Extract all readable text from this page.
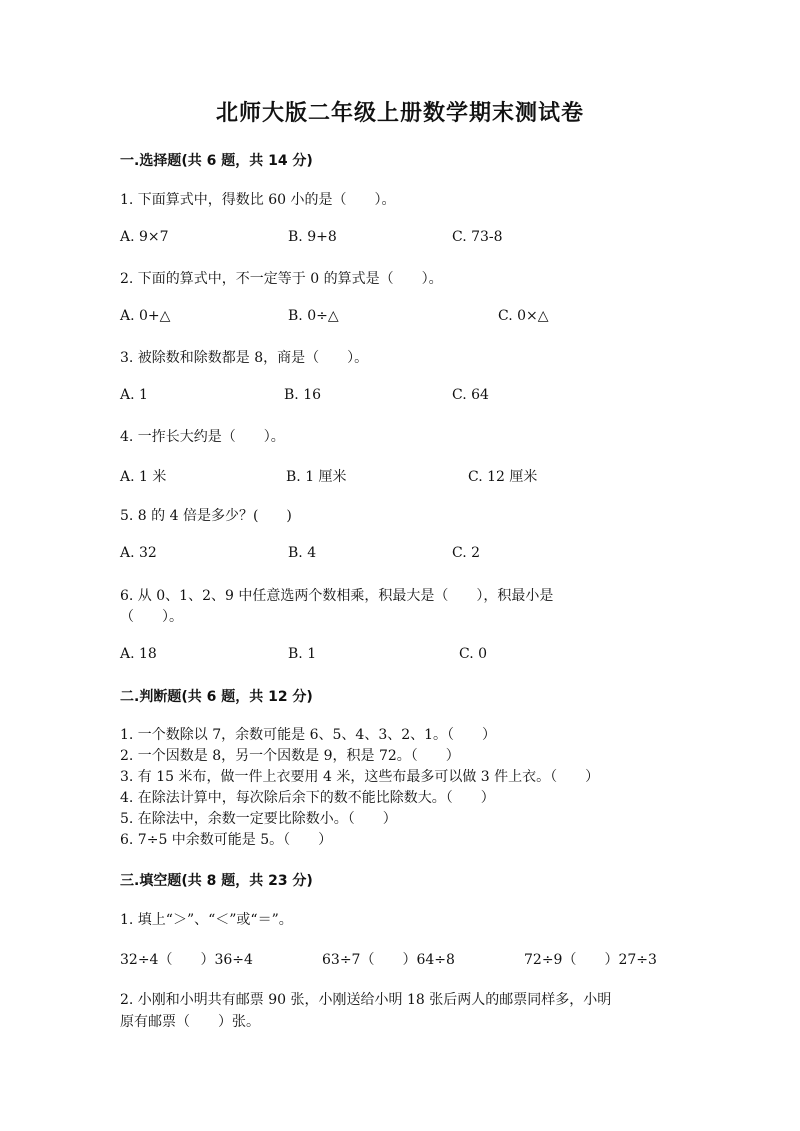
北师大版二年级上册数学期末测试卷
一.选择题(共 6 题，共 14 分)
1. 下面算式中，得数比 60 小的是（　　）。
A. 9×7	B. 9+8	C. 73-8
2. 下面的算式中，不一定等于 0 的算式是（　　）。
A. 0+△	B. 0÷△	C. 0×△
3. 被除数和除数都是 8，商是（　　）。
A. 1	B. 16	C. 64
4. 一拃长大约是（　　）。
A. 1 米	B. 1 厘米	C. 12 厘米
5. 8 的 4 倍是多少？(　　)
A. 32	B. 4	C. 2
6. 从 0、1、2、9 中任意选两个数相乘，积最大是（　　），积最小是
（　　）。
A. 18	B. 1	C. 0
二.判断题(共 6 题，共 12 分)
1. 一个数除以 7，余数可能是 6、5、4、3、2、1。（　　）
2. 一个因数是 8，另一个因数是 9，积是 72。（　　）
3. 有 15 米布，做一件上衣要用 4 米，这些布最多可以做 3 件上衣。（　　）
4. 在除法计算中，每次除后余下的数不能比除数大。（　　）
5. 在除法中，余数一定要比除数小。（　　）
6. 7÷5 中余数可能是 5。（　　）
三.填空题(共 8 题，共 23 分)
1. 填上“＞”、“＜”或“＝”。
32÷4（　　）36÷4	63÷7（　　）64÷8	72÷9（　　）27÷3
2. 小刚和小明共有邮票 90 张，小刚送给小明 18 张后两人的邮票同样多，小明
原有邮票（　　）张。
